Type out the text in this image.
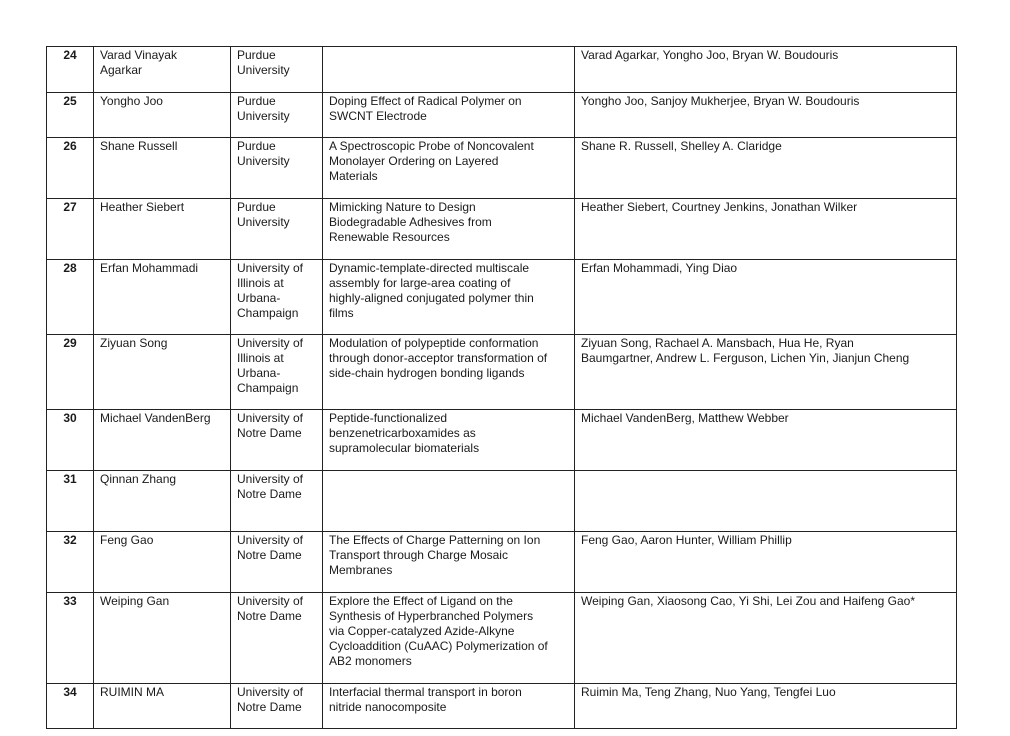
24	Varad Vinayak
Agarkar	Purdue
University		Varad Agarkar, Yongho Joo, Bryan W. Boudouris
25	Yongho Joo	Purdue
University	Doping Effect of Radical Polymer on
SWCNT Electrode	Yongho Joo, Sanjoy Mukherjee, Bryan W. Boudouris
26	Shane Russell	Purdue
University	A Spectroscopic Probe of Noncovalent
Monolayer Ordering on Layered
Materials	Shane R. Russell, Shelley A. Claridge
27	Heather Siebert	Purdue
University	Mimicking Nature to Design
Biodegradable Adhesives from
Renewable Resources	Heather Siebert, Courtney Jenkins, Jonathan Wilker
28	Erfan Mohammadi	University of
Illinois at
Urbana-
Champaign	Dynamic-template-directed multiscale
assembly for large-area coating of
highly-aligned conjugated polymer thin
films	Erfan Mohammadi, Ying Diao
29	Ziyuan Song	University of
Illinois at
Urbana-
Champaign	Modulation of polypeptide conformation
through donor-acceptor transformation of
side-chain hydrogen bonding ligands	Ziyuan Song, Rachael A. Mansbach, Hua He, Ryan
Baumgartner, Andrew L. Ferguson, Lichen Yin, Jianjun Cheng
30	Michael VandenBerg	University of
Notre Dame	Peptide-functionalized
benzenetricarboxamides as
supramolecular biomaterials	Michael VandenBerg, Matthew Webber
31	Qinnan Zhang	University of
Notre Dame		
32	Feng Gao	University of
Notre Dame	The Effects of Charge Patterning on Ion
Transport through Charge Mosaic
Membranes	Feng Gao, Aaron Hunter, William Phillip
33	Weiping Gan	University of
Notre Dame	Explore the Effect of Ligand on the
Synthesis of Hyperbranched Polymers
via Copper-catalyzed Azide-Alkyne
Cycloaddition (CuAAC) Polymerization of
AB2 monomers	Weiping Gan, Xiaosong Cao, Yi Shi, Lei Zou and Haifeng Gao*
34	RUIMIN MA	University of
Notre Dame	Interfacial thermal transport in boron
nitride nanocomposite	Ruimin Ma, Teng Zhang, Nuo Yang, Tengfei Luo
